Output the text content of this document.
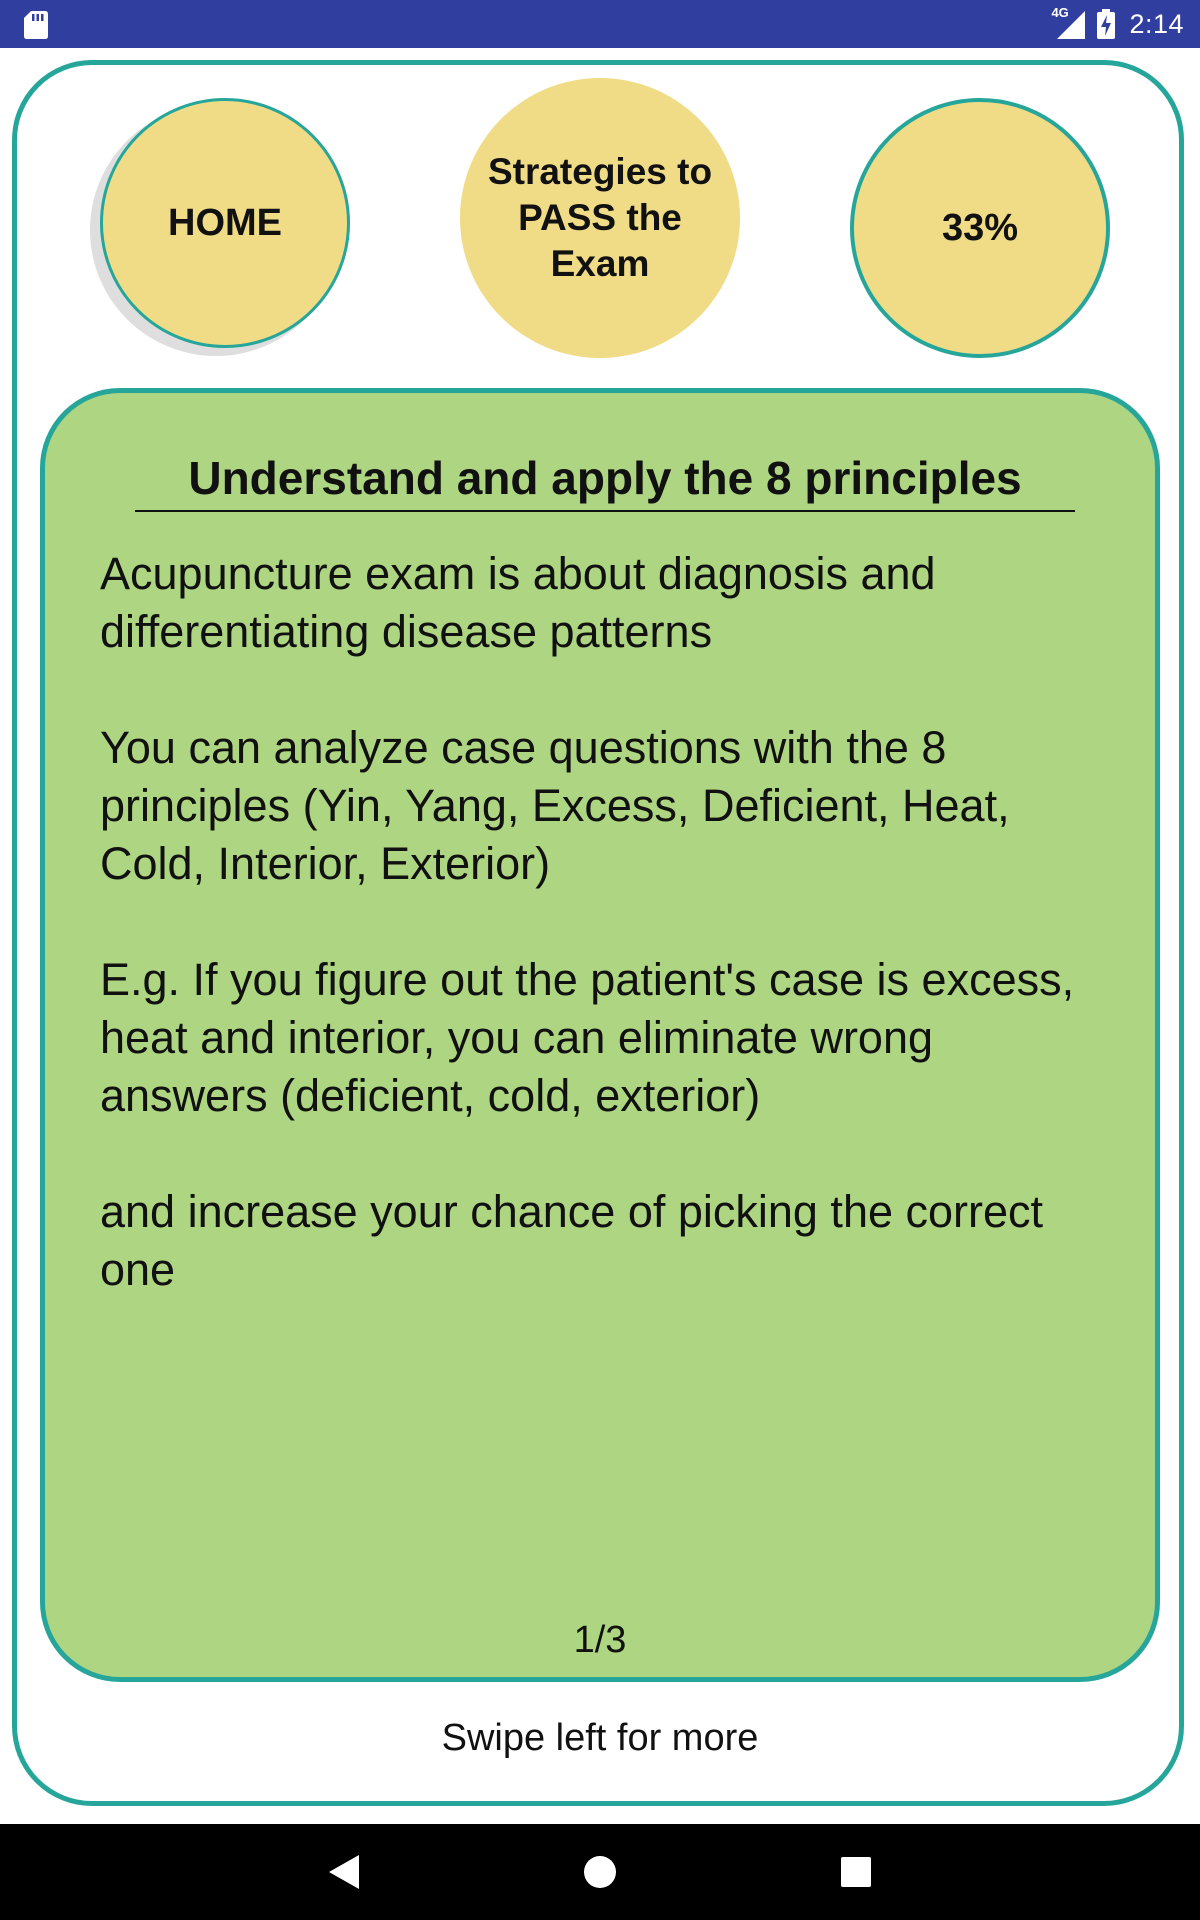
4G 2:14
HOME
Strategies to PASS the Exam
33%
Understand and apply the 8 principles

Acupuncture exam is about diagnosis and differentiating disease patterns

You can analyze case questions with the 8 principles (Yin, Yang, Excess, Deficient, Heat, Cold, Interior, Exterior)

E.g. If you figure out the patient's case is excess, heat and interior, you can eliminate wrong answers (deficient, cold, exterior)

and increase your chance of picking the correct one

1/3
Swipe left for more
